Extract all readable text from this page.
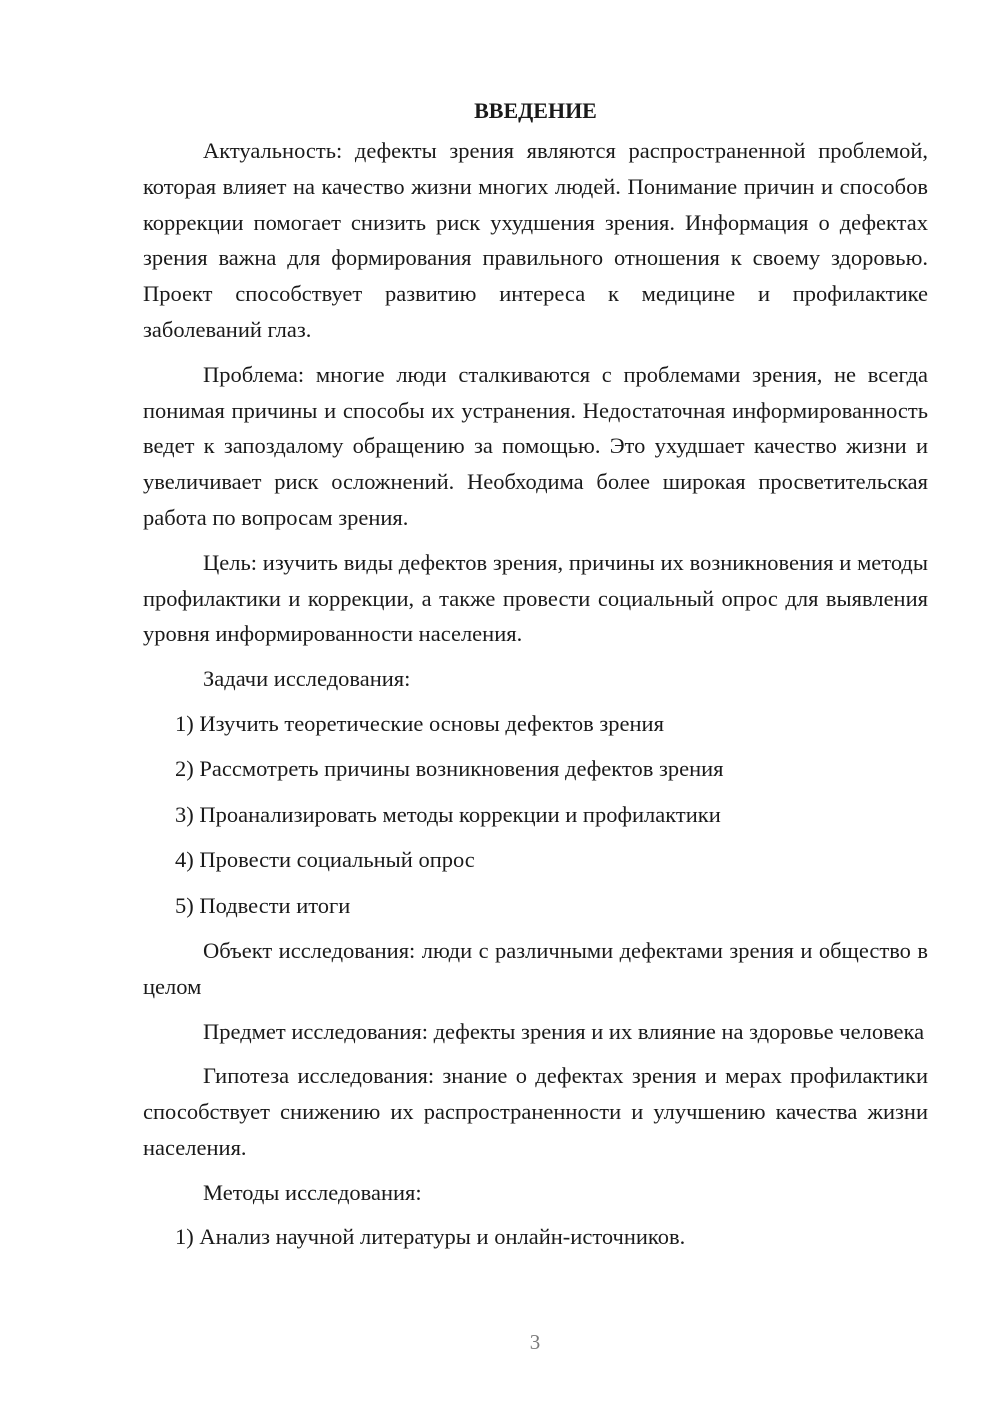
ВВЕДЕНИЕ

Актуальность: дефекты зрения являются распространенной проблемой, которая влияет на качество жизни многих людей. Понимание причин и способов коррекции помогает снизить риск ухудшения зрения. Информация о дефектах зрения важна для формирования правильного отношения к своему здоровью. Проект способствует развитию интереса к медицине и профилактике заболеваний глаз.

Проблема: многие люди сталкиваются с проблемами зрения, не всегда понимая причины и способы их устранения. Недостаточная информированность ведет к запоздалому обращению за помощью. Это ухудшает качество жизни и увеличивает риск осложнений. Необходима более широкая просветительская работа по вопросам зрения.

Цель: изучить виды дефектов зрения, причины их возникновения и методы профилактики и коррекции, а также провести социальный опрос для выявления уровня информированности населения.

Задачи исследования:

1) Изучить теоретические основы дефектов зрения
2) Рассмотреть причины возникновения дефектов зрения
3) Проанализировать методы коррекции и профилактики
4) Провести социальный опрос
5) Подвести итоги

Объект исследования: люди с различными дефектами зрения и общество в целом

Предмет исследования: дефекты зрения и их влияние на здоровье человека

Гипотеза исследования: знание о дефектах зрения и мерах профилактики способствует снижению их распространенности и улучшению качества жизни населения.

Методы исследования:

1) Анализ научной литературы и онлайн-источников.
3
